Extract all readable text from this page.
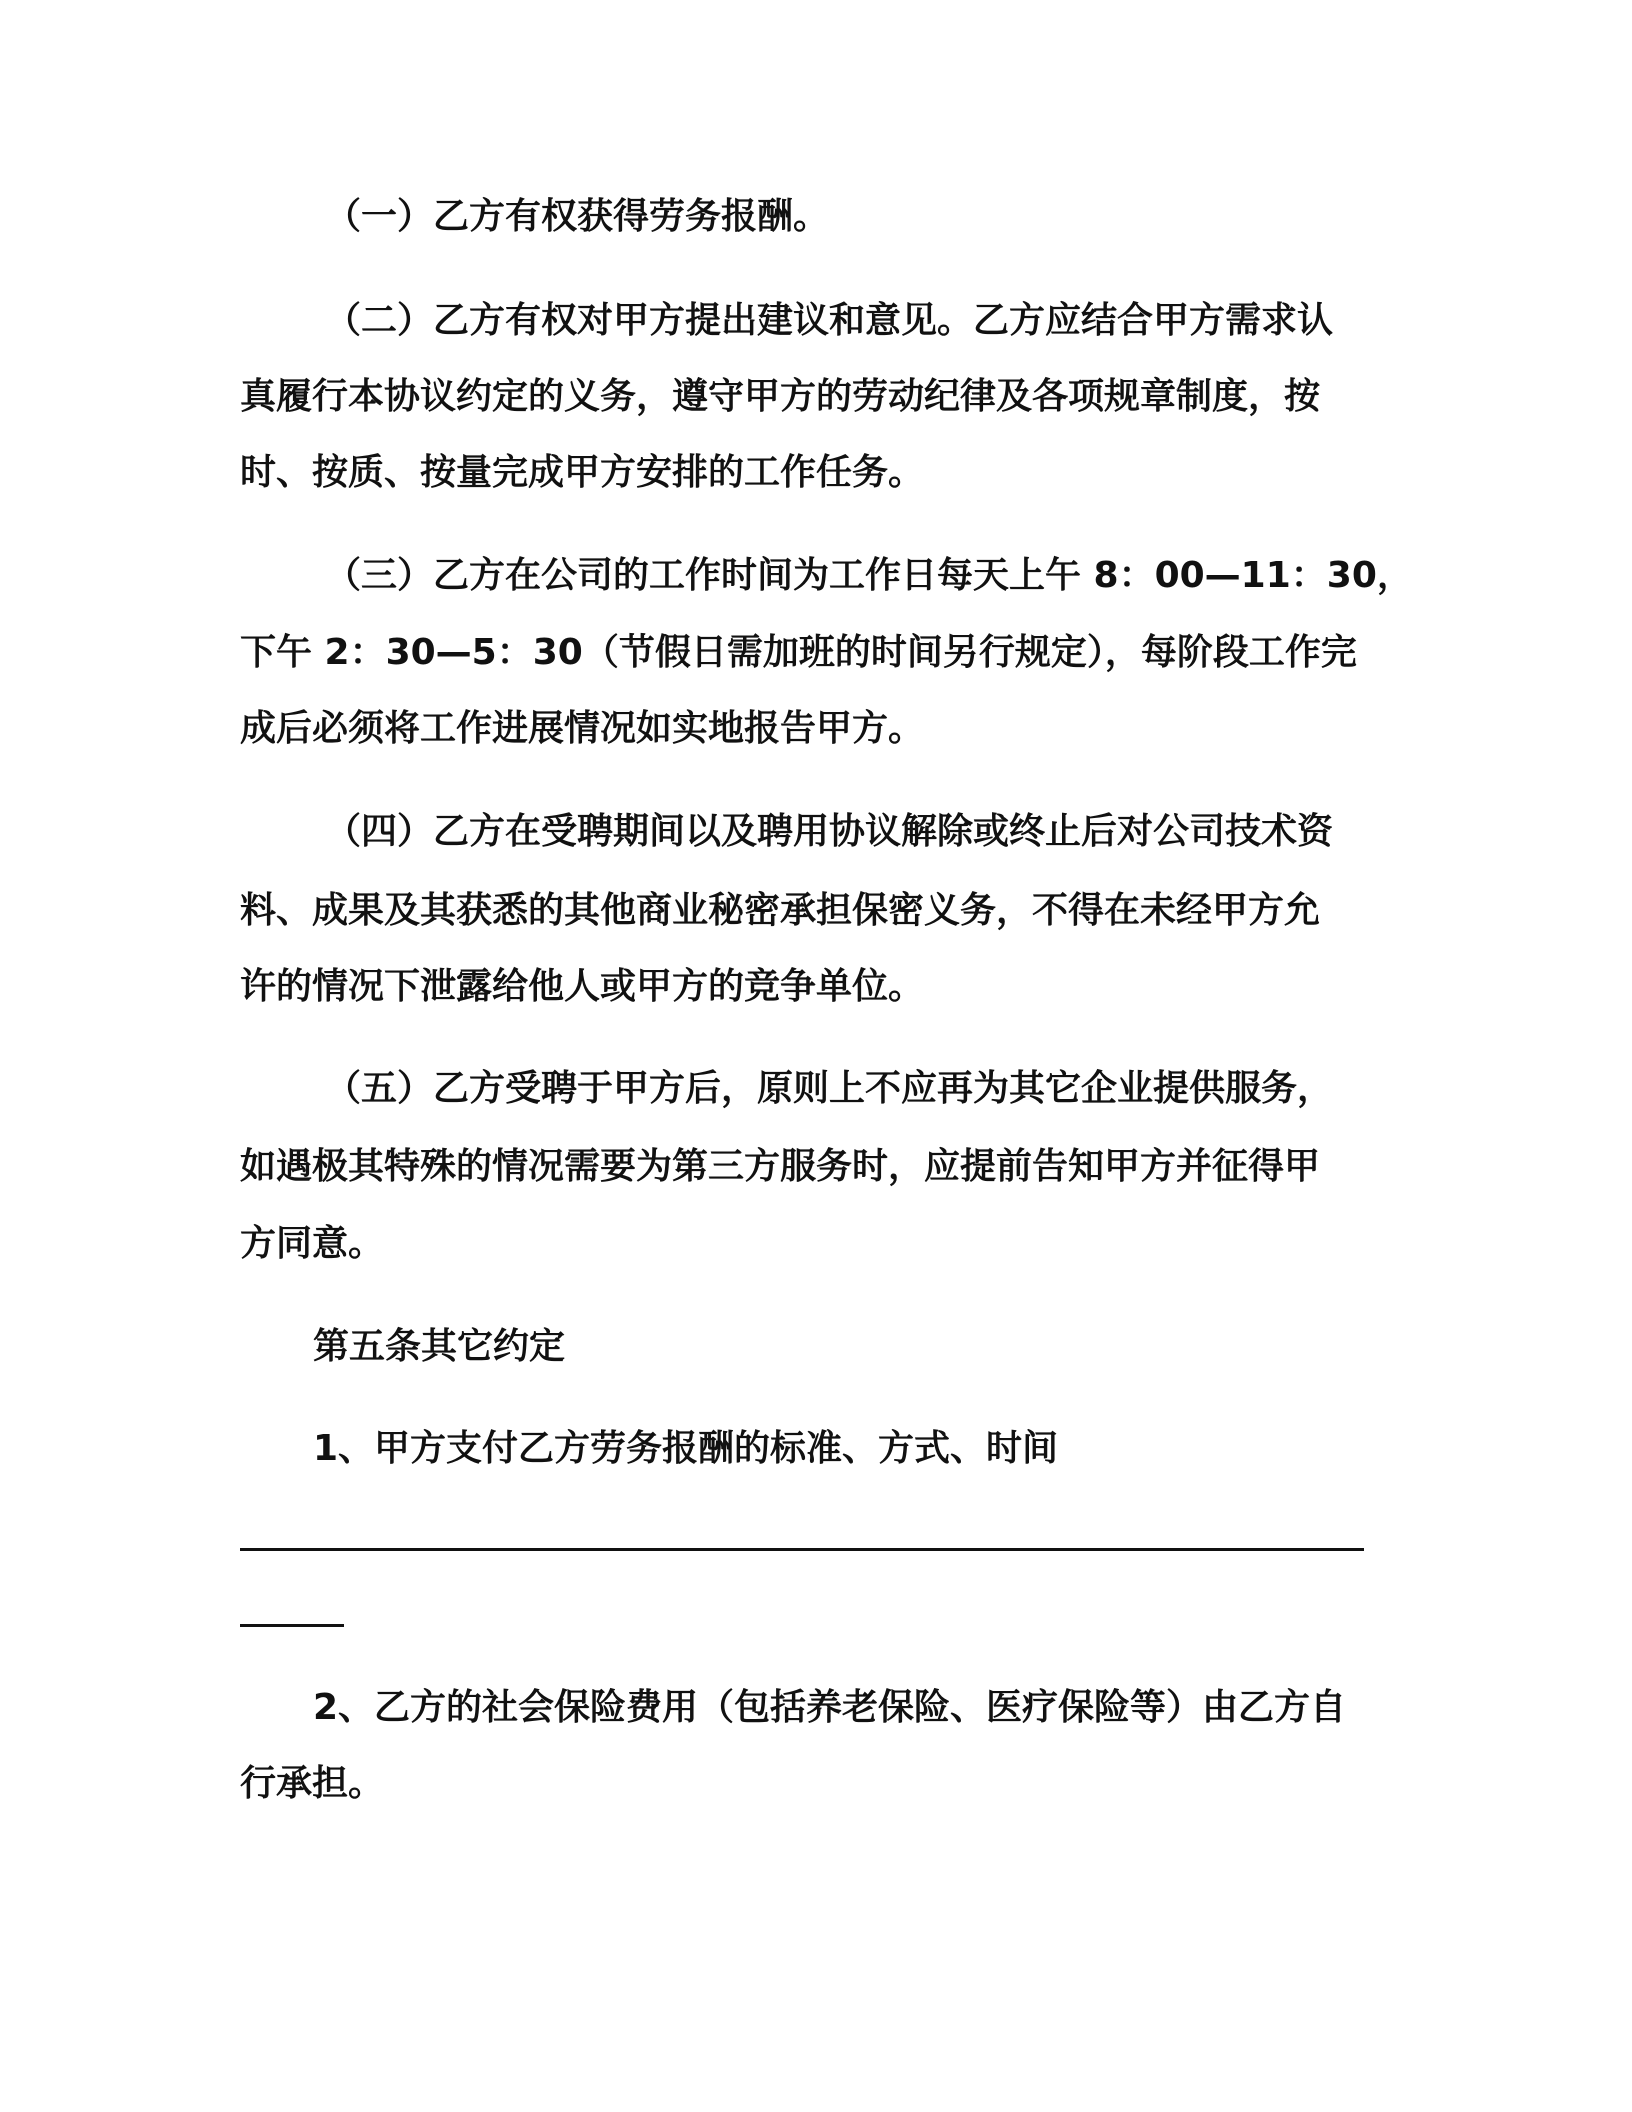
（一）乙方有权获得劳务报酬。
（二）乙方有权对甲方提出建议和意见。乙方应结合甲方需求认
真履行本协议约定的义务，遵守甲方的劳动纪律及各项规章制度，按
时、按质、按量完成甲方安排的工作任务。
（三）乙方在公司的工作时间为工作日每天上午 8：00—11：30，
下午 2：30—5：30（节假日需加班的时间另行规定），每阶段工作完
成后必须将工作进展情况如实地报告甲方。
（四）乙方在受聘期间以及聘用协议解除或终止后对公司技术资
料、成果及其获悉的其他商业秘密承担保密义务，不得在未经甲方允
许的情况下泄露给他人或甲方的竞争单位。
（五）乙方受聘于甲方后，原则上不应再为其它企业提供服务，
如遇极其特殊的情况需要为第三方服务时，应提前告知甲方并征得甲
方同意。
第五条其它约定
1、甲方支付乙方劳务报酬的标准、方式、时间
2、乙方的社会保险费用（包括养老保险、医疗保险等）由乙方自
行承担。
